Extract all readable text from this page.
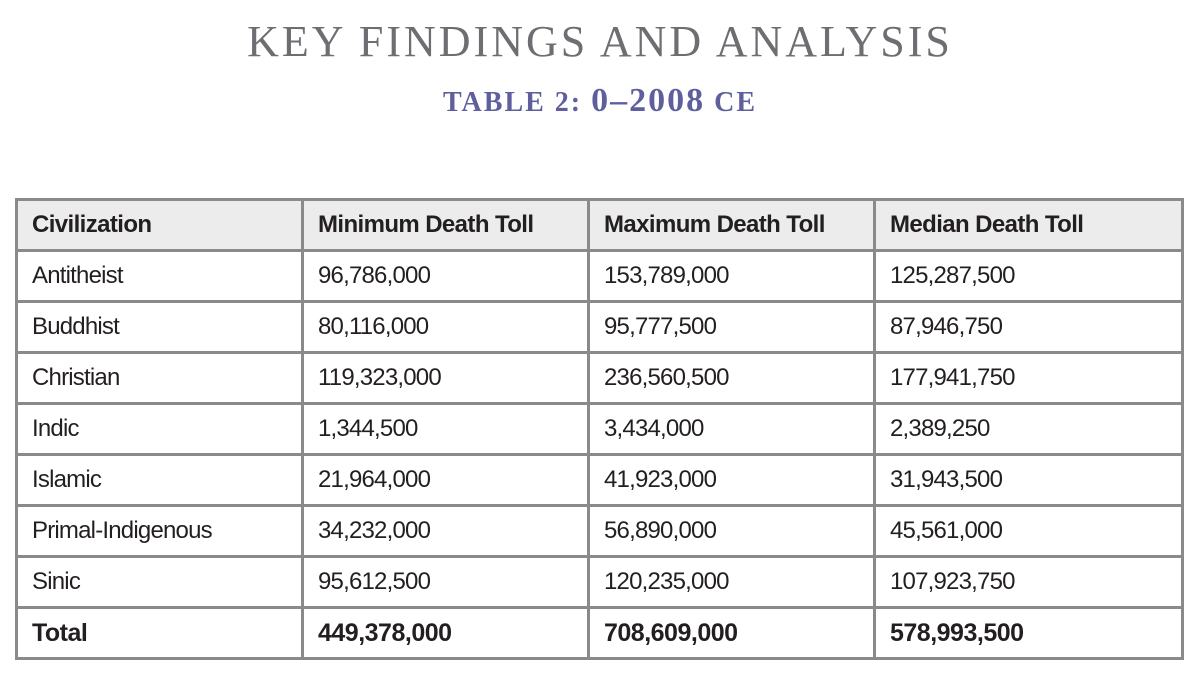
KEY FINDINGS AND ANALYSIS
TABLE 2: 0–2008 CE
Civilization	Minimum Death Toll	Maximum Death Toll	Median Death Toll
Antitheist	96,786,000	153,789,000	125,287,500
Buddhist	80,116,000	95,777,500	87,946,750
Christian	119,323,000	236,560,500	177,941,750
Indic	1,344,500	3,434,000	2,389,250
Islamic	21,964,000	41,923,000	31,943,500
Primal-Indigenous	34,232,000	56,890,000	45,561,000
Sinic	95,612,500	120,235,000	107,923,750
Total	449,378,000	708,609,000	578,993,500
